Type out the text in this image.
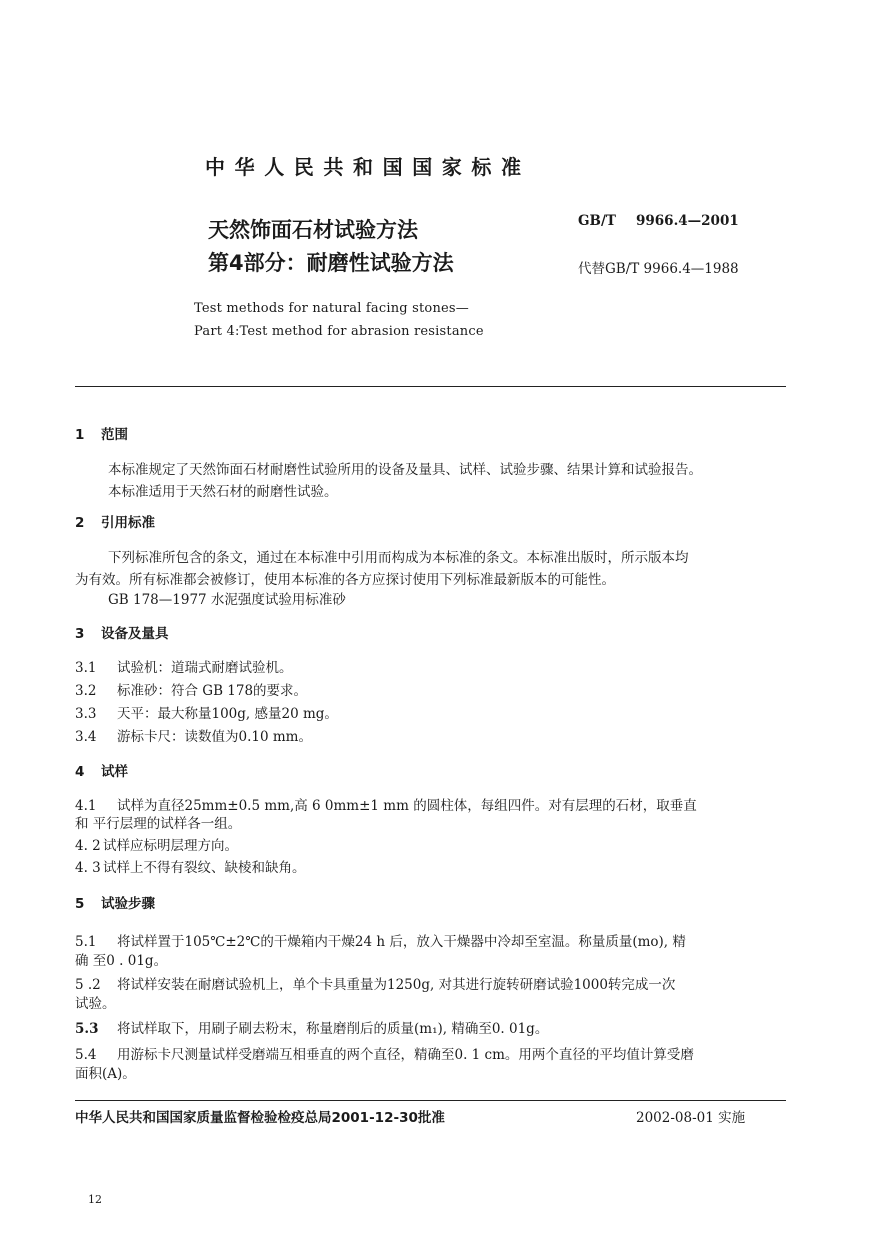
中华人民共和国国家标准
天然饰面石材试验方法
第4部分：耐磨性试验方法
Test methods for natural facing stones—
Part 4:Test method for abrasion resistance
GB/T 9966.4—2001
代替GB/T 9966.4—1988
1 范围
本标准规定了天然饰面石材耐磨性试验所用的设备及量具、试样、试验步骤、结果计算和试验报告。
本标准适用于天然石材的耐磨性试验。
2 引用标准
下列标准所包含的条文，通过在本标准中引用而构成为本标准的条文。本标准出版时，所示版本均
为有效。所有标准都会被修订，使用本标准的各方应探讨使用下列标准最新版本的可能性。
GB 178—1977 水泥强度试验用标准砂
3 设备及量具
3.1 试验机：道瑞式耐磨试验机。
3.2 标准砂：符合 GB 178的要求。
3.3 天平：最大称量100g, 感量20 mg。
3.4 游标卡尺：读数值为0.10 mm。
4 试样
4.1 试样为直径25mm±0.5 mm,高 6 0mm±1 mm 的圆柱体，每组四件。对有层理的石材，取垂直
和 平行层理的试样各一组。
4. 2 试样应标明层理方向。
4. 3 试样上不得有裂纹、缺棱和缺角。
5 试验步骤
5.1 将试样置于105℃±2℃的干燥箱内干燥24 h 后，放入干燥器中冷却至室温。称量质量(mo), 精
确 至0 . 01g。
5 .2 将试样安装在耐磨试验机上，单个卡具重量为1250g, 对其进行旋转研磨试验1000转完成一次
试验。
5.3 将试样取下，用刷子刷去粉末，称量磨削后的质量(m₁), 精确至0. 01g。
5.4 用游标卡尺测量试样受磨端互相垂直的两个直径，精确至0. 1 cm。用两个直径的平均值计算受磨
面积(A)。
中华人民共和国国家质量监督检验检疫总局2001-12-30批准	2002-08-01 实施
12
